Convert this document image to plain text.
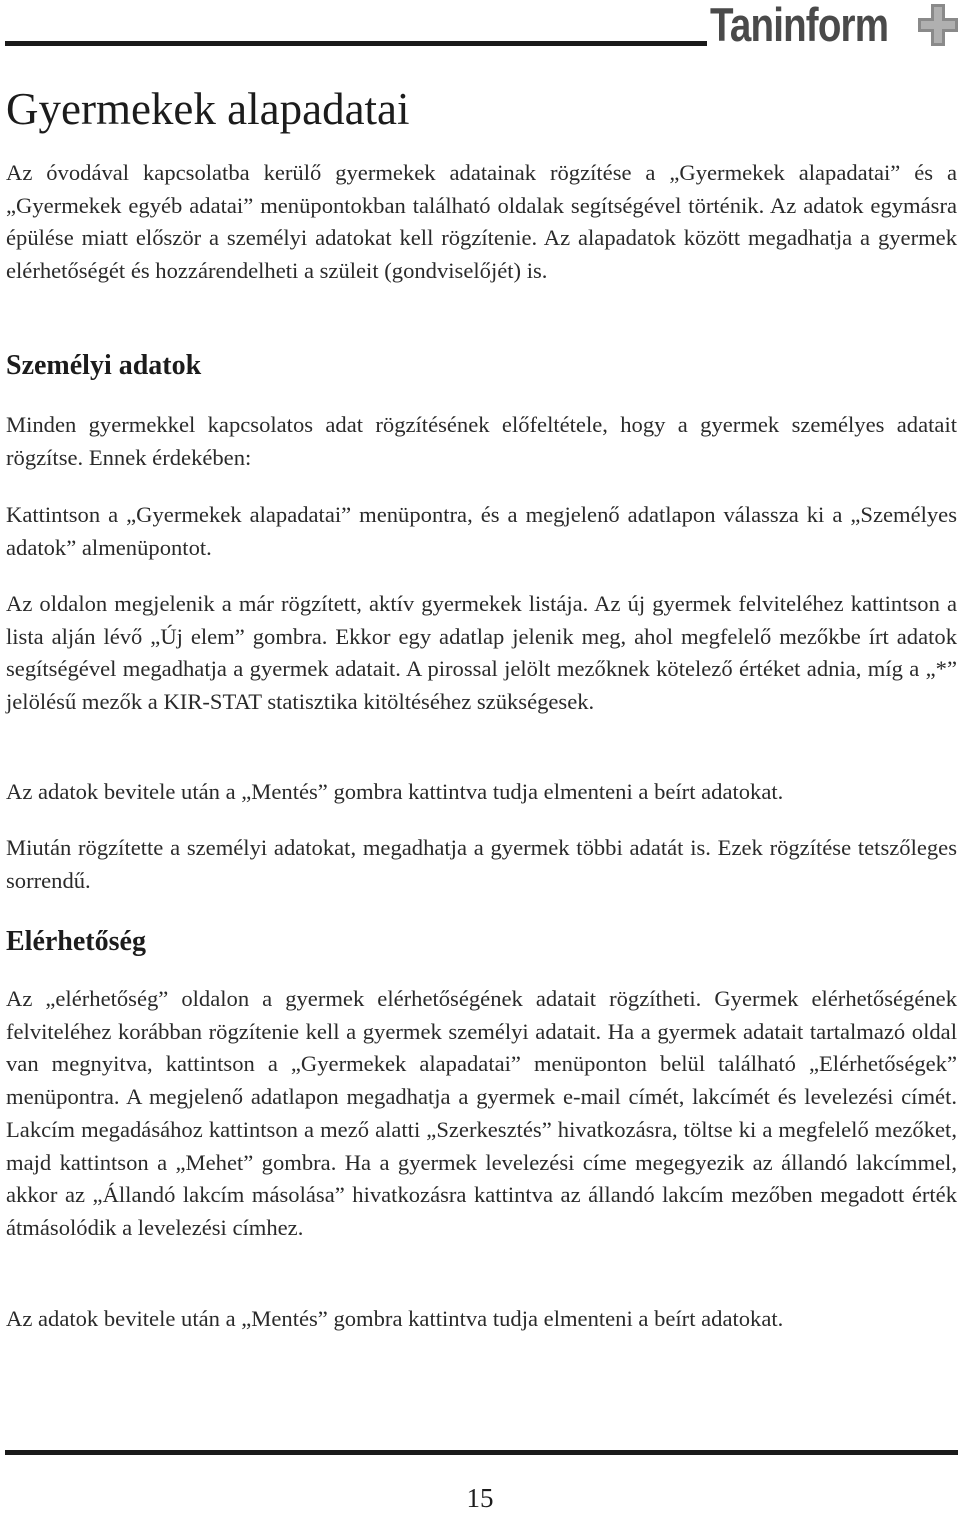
Taninform
Gyermekek alapadatai

Az óvodával kapcsolatba kerülő gyermekek adatainak rögzítése a „Gyermekek alapadatai” és a „Gyermekek egyéb adatai” menüpontokban található oldalak segítségével történik. Az adatok egymásra épülése miatt először a személyi adatokat kell rögzítenie. Az alapadatok között megadhatja a gyermek elérhetőségét és hozzárendelheti a szüleit (gondviselőjét) is.

Személyi adatok

Minden gyermekkel kapcsolatos adat rögzítésének előfeltétele, hogy a gyermek személyes adatait rögzítse. Ennek érdekében:

Kattintson a „Gyermekek alapadatai” menüpontra, és a megjelenő adatlapon válassza ki a „Személyes adatok” almenüpontot.

Az oldalon megjelenik a már rögzített, aktív gyermekek listája. Az új gyermek felviteléhez kattintson a lista alján lévő „Új elem” gombra. Ekkor egy adatlap jelenik meg, ahol megfelelő mezőkbe írt adatok segítségével megadhatja a gyermek adatait. A pirossal jelölt mezőknek kötelező értéket adnia, míg a „*” jelölésű mezők a KIR-STAT statisztika kitöltéséhez szükségesek.

Az adatok bevitele után a „Mentés” gombra kattintva tudja elmenteni a beírt adatokat.

Miután rögzítette a személyi adatokat, megadhatja a gyermek többi adatát is. Ezek rögzítése tetszőleges sorrendű.

Elérhetőség

Az „elérhetőség” oldalon a gyermek elérhetőségének adatait rögzítheti. Gyermek elérhetőségének felviteléhez korábban rögzítenie kell a gyermek személyi adatait. Ha a gyermek adatait tartalmazó oldal van megnyitva, kattintson a „Gyermekek alapadatai” menüponton belül található „Elérhetőségek” menüpontra. A megjelenő adatlapon megadhatja a gyermek e-mail címét, lakcímét és levelezési címét. Lakcím megadásához kattintson a mező alatti „Szerkesztés” hivatkozásra, töltse ki a megfelelő mezőket, majd kattintson a „Mehet” gombra. Ha a gyermek levelezési címe megegyezik az állandó lakcímmel, akkor az „Állandó lakcím másolása” hivatkozásra kattintva az állandó lakcím mezőben megadott érték átmásolódik a levelezési címhez.

Az adatok bevitele után a „Mentés” gombra kattintva tudja elmenteni a beírt adatokat.

15
